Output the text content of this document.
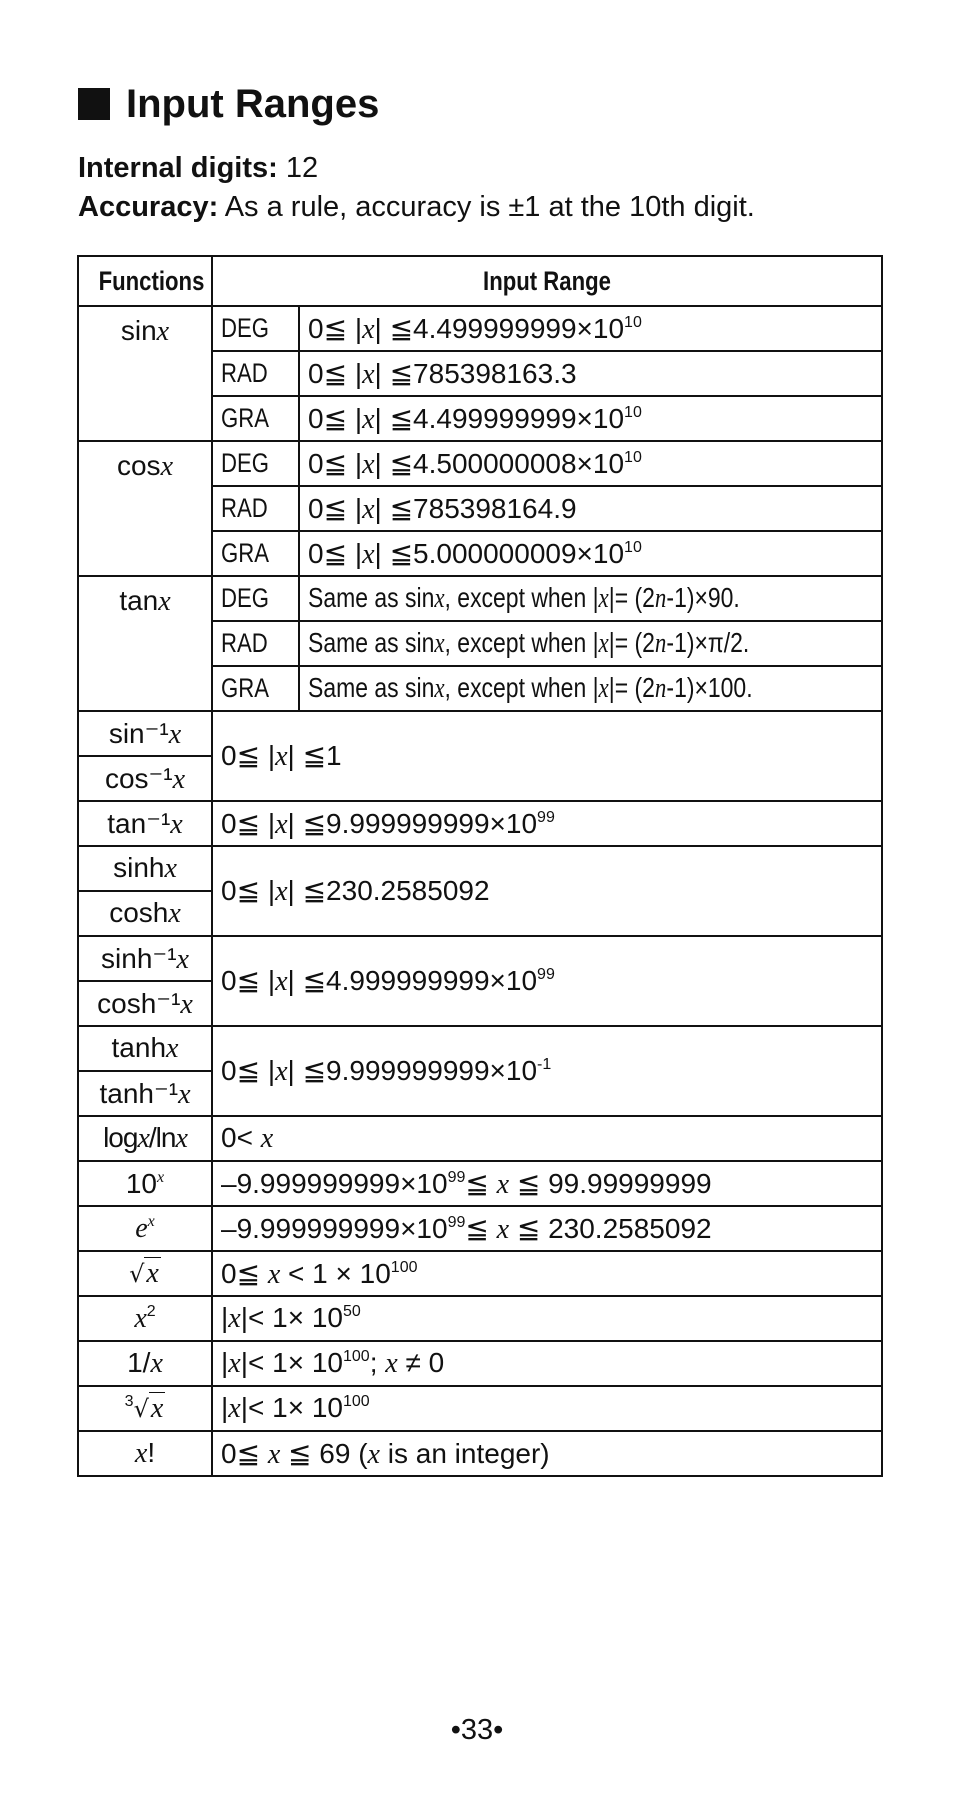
Input Ranges
Internal digits: 12
Accuracy: As a rule, accuracy is ±1 at the 10th digit.
Functions	Input Range	
sinx	DEG	0≦ |x| $≦4.499999999\times 10^{10}$
	RAD	0≦ |x| ≦785398163.3
	GRA	0≦ |x| $≦4.499999999\times 10^{10}$
cosx	DEG	0≦ |x| $≦4.500000008\times 10^{10}$
	RAD	0≦ |x| ≦785398164.9
	GRA	0≦ |x| $≦5.000000009\times 10^{10}$
tanx	DEG	Same as sinx, except when |x|= (2n-1)×90.
	RAD	Same as sinx, except when |x|= (2n-1)×π/2.
	GRA	Same as sinx, except when |x|= (2n-1)×100.
sin⁻¹x	0≦ |x| ≦1	
cos⁻¹x		
tan⁻¹x	0≦ |x| $≦9.999999999\times 10^{99}$
sinhx	0≦ |x| ≦230.2585092	
coshx		
sinh⁻¹x	0≦ |x| $≦4.999999999\times 10^{99}$
cosh⁻¹x		
tanhx	0≦ |x| $≦9.999999999\times 10^{-1}$
tanh⁻¹x		
logx/lnx	0< x	
10$^x$	$-9.999999999\times 10^{99}≦$ x ≦ 99.99999999	
$e^x$	$-9.999999999\times 10^{99}≦$ x ≦ 230.2585092	
√x	0≦ $x < 1 \times 10^{100}$
$x^2$	$|x|< 1\times 10^{50}$
1/x	$|x|< 1\times 10^{100}$; x ≠ 0	
$^3$√x	$|x|< 1\times 10^{100}$
x!	0≦ x ≦ 69 (x is an integer)	
•33•
